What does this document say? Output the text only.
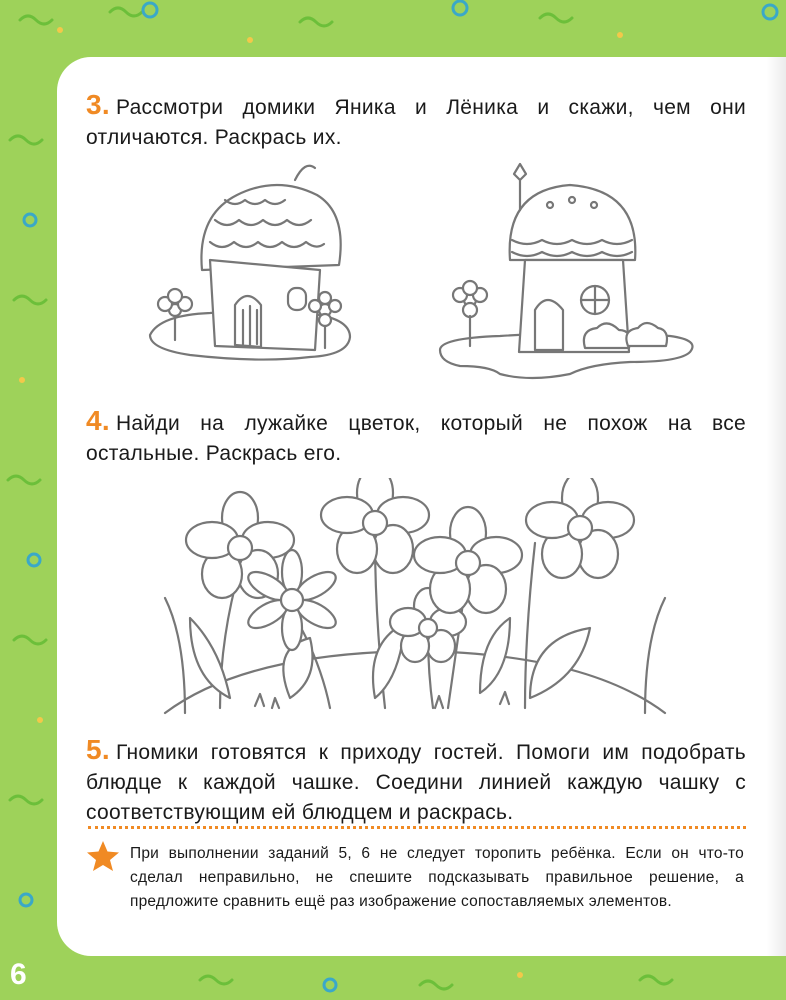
3. Рассмотри домики Яника и Лёника и скажи, чем они отличаются. Раскрась их.
4. Найди на лужайке цветок, который не похож на все остальные. Раскрась его.
5. Гномики готовятся к приходу гостей. Помоги им подобрать блюдце к каждой чашке. Соедини линией каждую чашку с соответствующим ей блюдцем и раскрась.
При выполнении заданий 5, 6 не следует торопить ребёнка. Если он что-то сделал неправильно, не спешите подсказывать правильное решение, а предложите сравнить ещё раз изображение сопоставляемых элементов.
6
